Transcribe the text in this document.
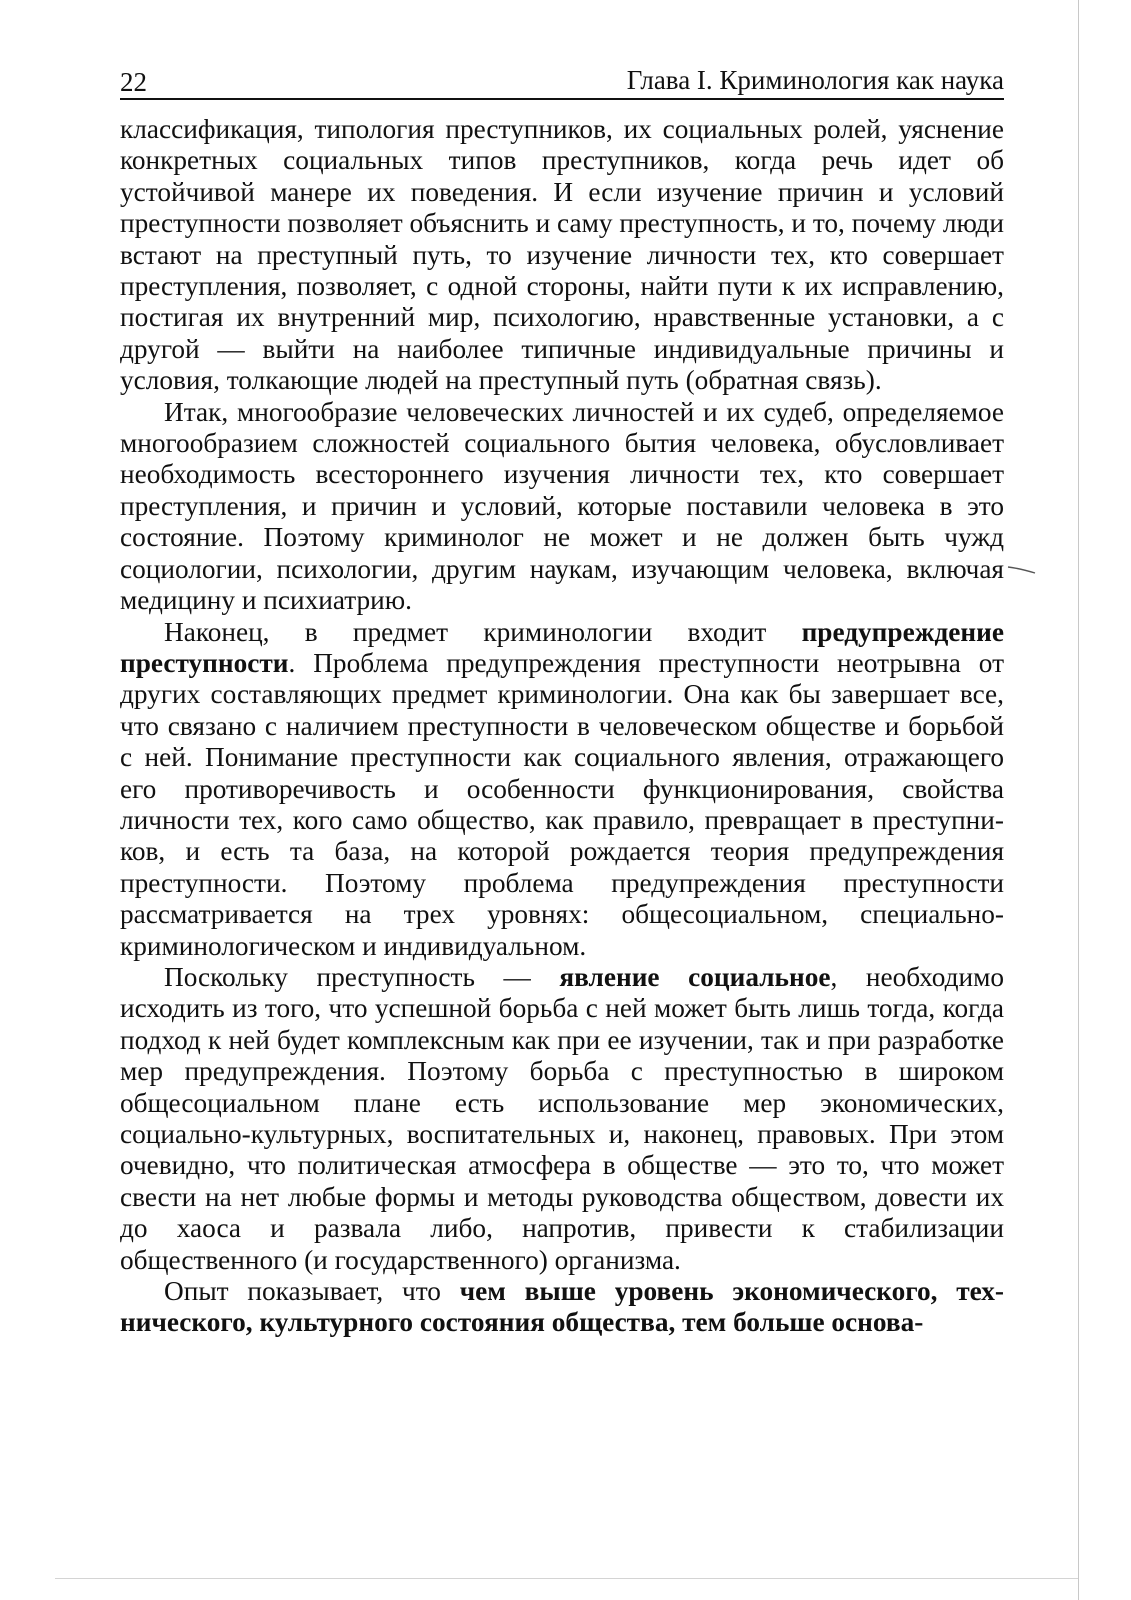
22	Глава I. Криминология как наука

классификация, типология преступников, их социальных ролей, уяснение конкретных социальных типов преступников, когда речь идет об устойчивой манере их поведения. И если изучение причин и условий преступности позволяет объяснить и саму преступность, и то, почему люди встают на преступный путь, то изучение личности тех, кто совершает преступления, позволяет, с одной стороны, найти пути к их исправлению, постигая их внутренний мир, психологию, нравственные установки, а с другой — выйти на наиболее типичные индивидуальные причины и условия, толкающие людей на преступный путь (обратная связь).

Итак, многообразие человеческих личностей и их судеб, определяемое многообразием сложностей социального бытия человека, обусловливает необходимость всестороннего изучения личности тех, кто совершает преступления, и причин и условий, которые поставили человека в это состояние. Поэтому криминолог не может и не должен быть чужд социологии, психологии, другим наукам, изучающим человека, включая медицину и психиатрию.

Наконец, в предмет криминологии входит предупреждение преступности. Проблема предупреждения преступности неотрывна от других составляющих предмет криминологии. Она как бы завершает все, что связано с наличием преступности в человеческом обществе и борьбой с ней. Понимание преступности как социального явления, отражающего его противоречивость и особенности функционирования, свойства личности тех, кого само общество, как правило, превращает в преступников, и есть та база, на которой рождается теория предупреждения преступности. Поэтому проблема предупреждения преступности рассматривается на трех уровнях: общесоциальном, специально-криминологическом и индивидуальном.

Поскольку преступность — явление социальное, необходимо исходить из того, что успешной борьба с ней может быть лишь тогда, когда подход к ней будет комплексным как при ее изучении, так и при разработке мер предупреждения. Поэтому борьба с преступностью в широком общесоциальном плане есть использование мер экономических, социально-культурных, воспитательных и, наконец, правовых. При этом очевидно, что политическая атмосфера в обществе — это то, что может свести на нет любые формы и методы руководства обществом, довести их до хаоса и развала либо, напротив, привести к стабилизации общественного (и государственного) организма.

Опыт показывает, что чем выше уровень экономического, технического, культурного состояния общества, тем больше основа-
